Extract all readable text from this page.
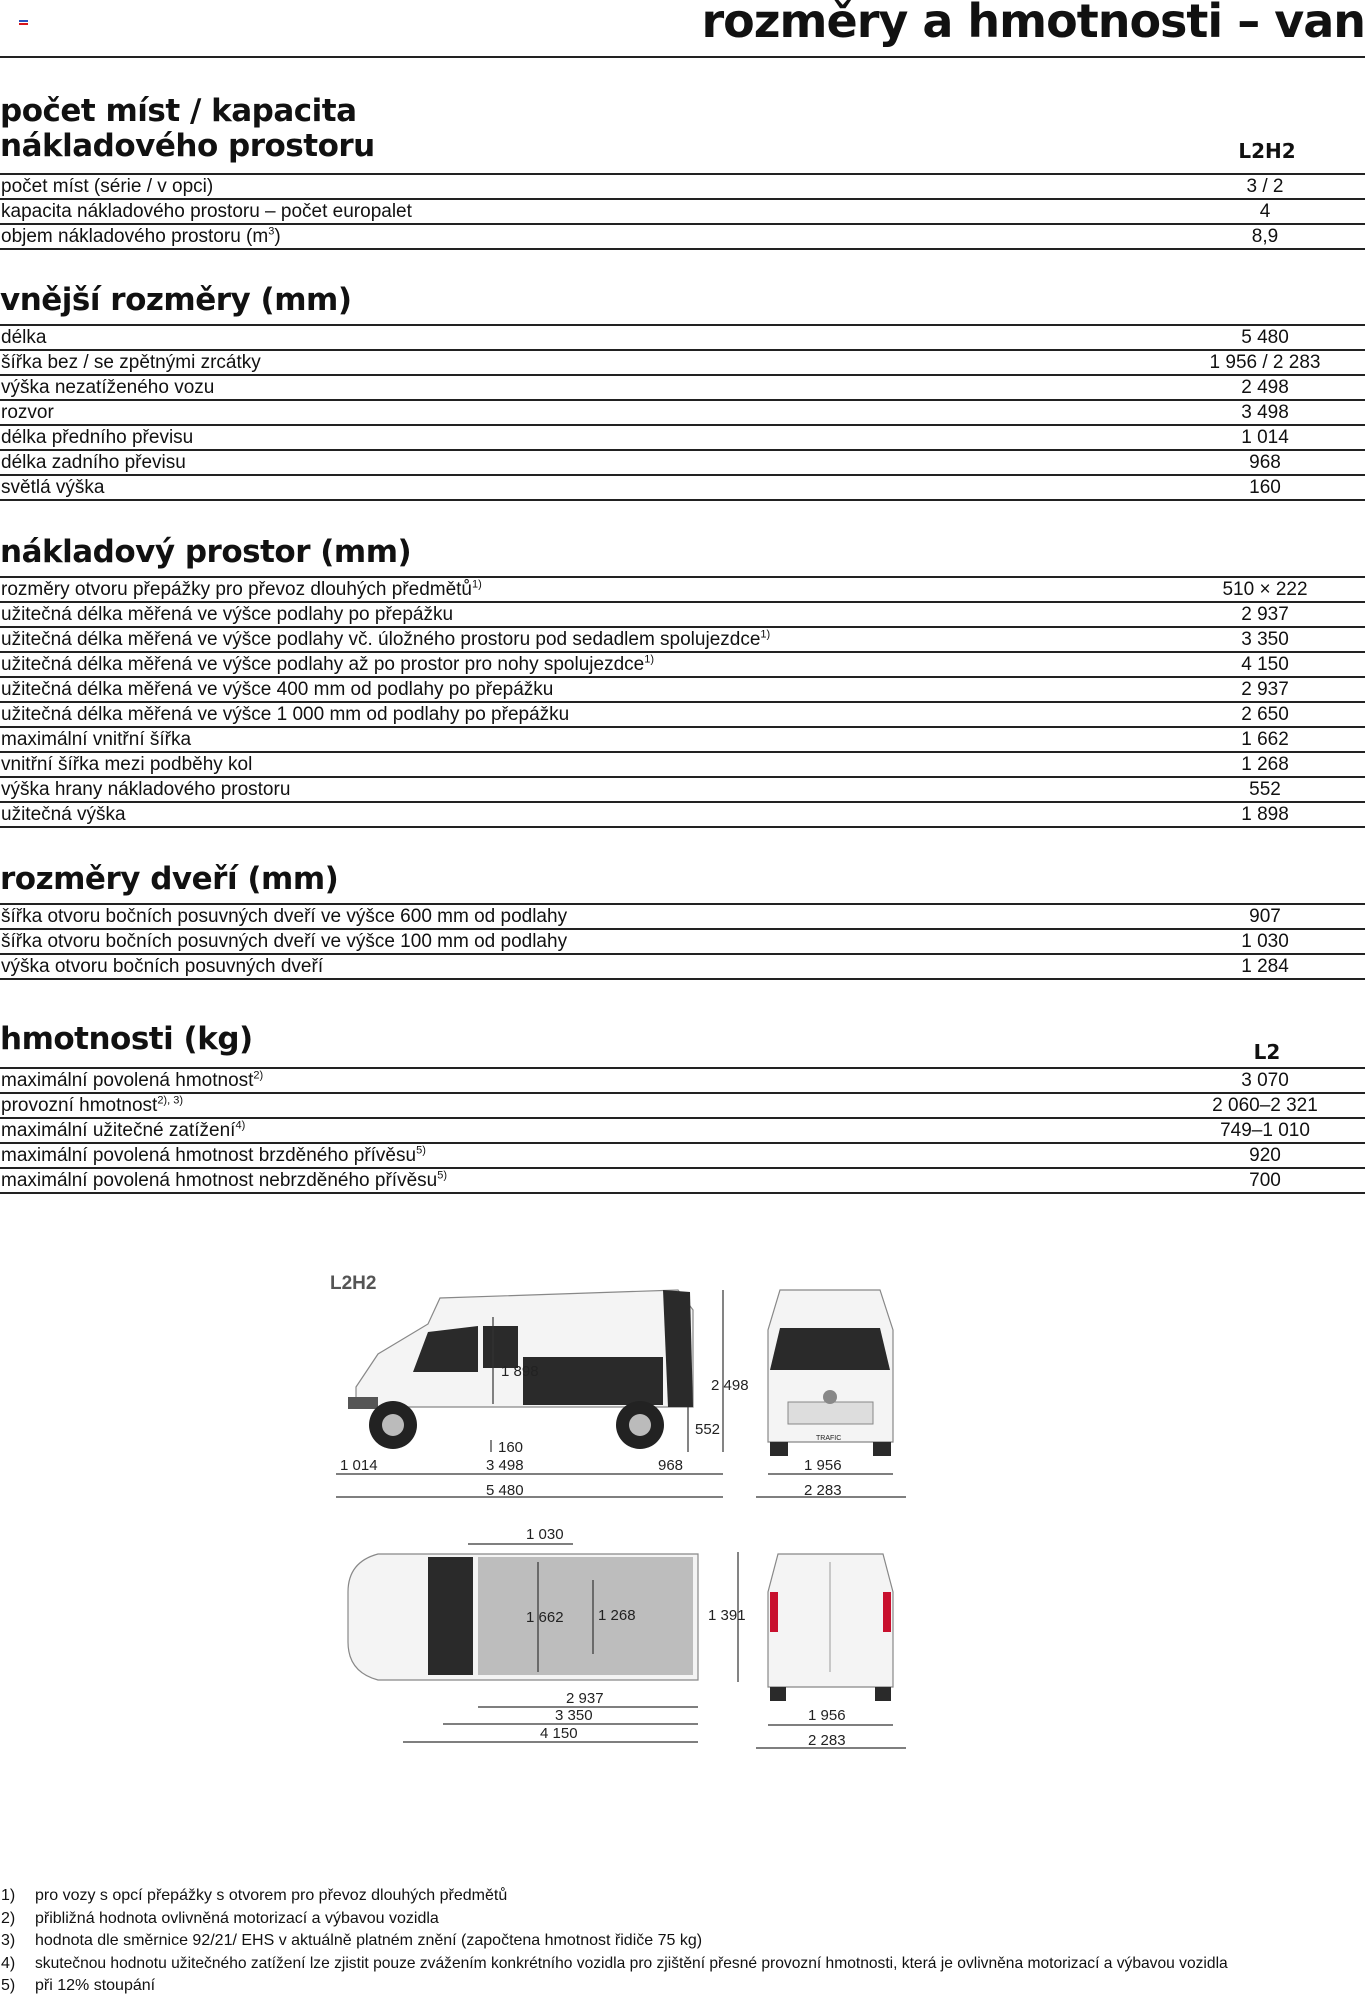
rozměry a hmotnosti – van
počet míst / kapacita nákladového prostoru	L2H2
počet míst (série / v opci)	3 / 2
kapacita nákladového prostoru – počet europalet	4
objem nákladového prostoru $(m^3)$	8,9
vnější rozměry (mm)
délka	5 480
šířka bez / se zpětnými zrcátky	1 956 / 2 283
výška nezatíženého vozu	2 498
rozvor	3 498
délka předního převisu	1 014
délka zadního převisu	968
světlá výška	160
nákladový prostor (mm)
rozměry otvoru přepážky pro převoz dlouhých předmětů$^{1)}$	510 × 222
užitečná délka měřená ve výšce podlahy po přepážku	2 937
užitečná délka měřená ve výšce podlahy vč. úložného prostoru pod sedadlem spolujezdce$^{1)}$	3 350
užitečná délka měřená ve výšce podlahy až po prostor pro nohy spolujezdce$^{1)}$	4 150
užitečná délka měřená ve výšce 400 mm od podlahy po přepážku	2 937
užitečná délka měřená ve výšce 1 000 mm od podlahy po přepážku	2 650
maximální vnitřní šířka	1 662
vnitřní šířka mezi podběhy kol	1 268
výška hrany nákladového prostoru	552
užitečná výška	1 898
rozměry dveří (mm)
šířka otvoru bočních posuvných dveří ve výšce 600 mm od podlahy	907
šířka otvoru bočních posuvných dveří ve výšce 100 mm od podlahy	1 030
výška otvoru bočních posuvných dveří	1 284
hmotnosti (kg)	L2
maximální povolená hmotnost$^{2)}$	3 070
provozní hmotnost$^{2), 3)}$	2 060–2 321
maximální užitečné zatížení$^{4)}$	749–1 010
maximální povolená hmotnost brzděného přívěsu$^{5)}$	920
maximální povolená hmotnost nebrzděného přívěsu$^{5)}$	700
L2H2
1 898
2 498
552
160
1 014	3 498	968
5 480
TRAFIC
1 956
2 283
1 030
1 662 1 268	1 391
2 937
3 350
4 150
1 956
2 283
1) pro vozy s opcí přepážky s otvorem pro převoz dlouhých předmětů
2) přibližná hodnota ovlivněná motorizací a výbavou vozidla
3) hodnota dle směrnice 92/21/ EHS v aktuálně platném znění (započtena hmotnost řidiče 75 kg)
4) skutečnou hodnotu užitečného zatížení lze zjistit pouze zvážením konkrétního vozidla pro zjištění přesné provozní hmotnosti, která je ovlivněna motorizací a výbavou vozidla
5) při 12% stoupání
